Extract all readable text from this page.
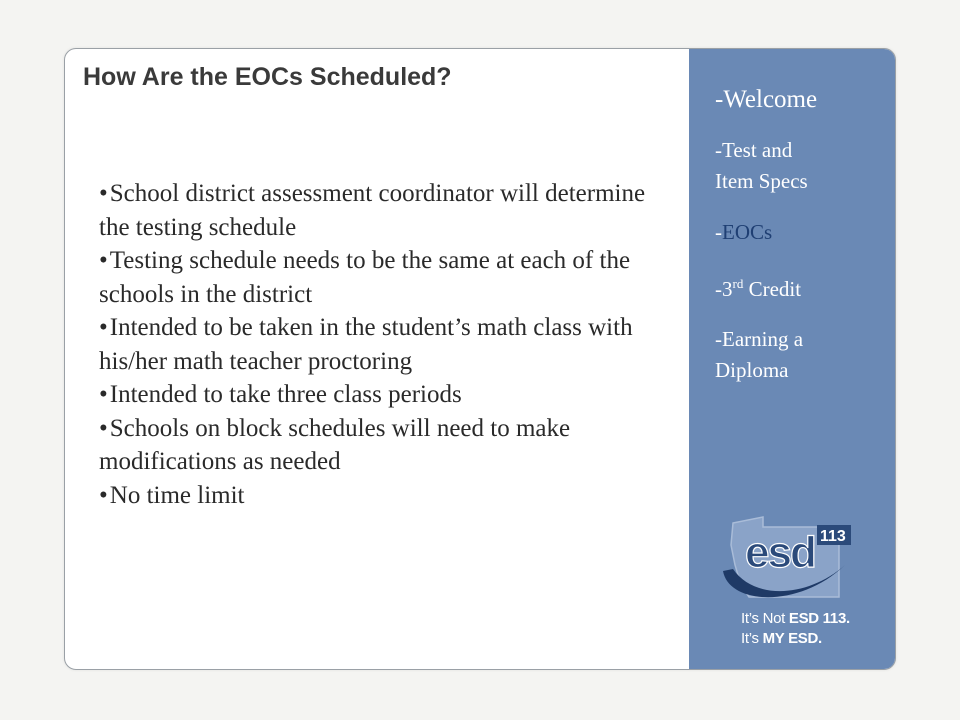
How Are the EOCs Scheduled?
•School district assessment coordinator will determine the testing schedule
•Testing schedule needs to be the same at each of the schools in the district
•Intended to be taken in the student’s math class with his/her math teacher proctoring
•Intended to take three class periods
•Schools on block schedules will need to make modifications as needed
•No time limit
-Welcome
-Test and
Item Specs
-EOCs
-3rd Credit
-Earning a
Diploma
esd 113
It’s Not ESD 113.
It’s MY ESD.
